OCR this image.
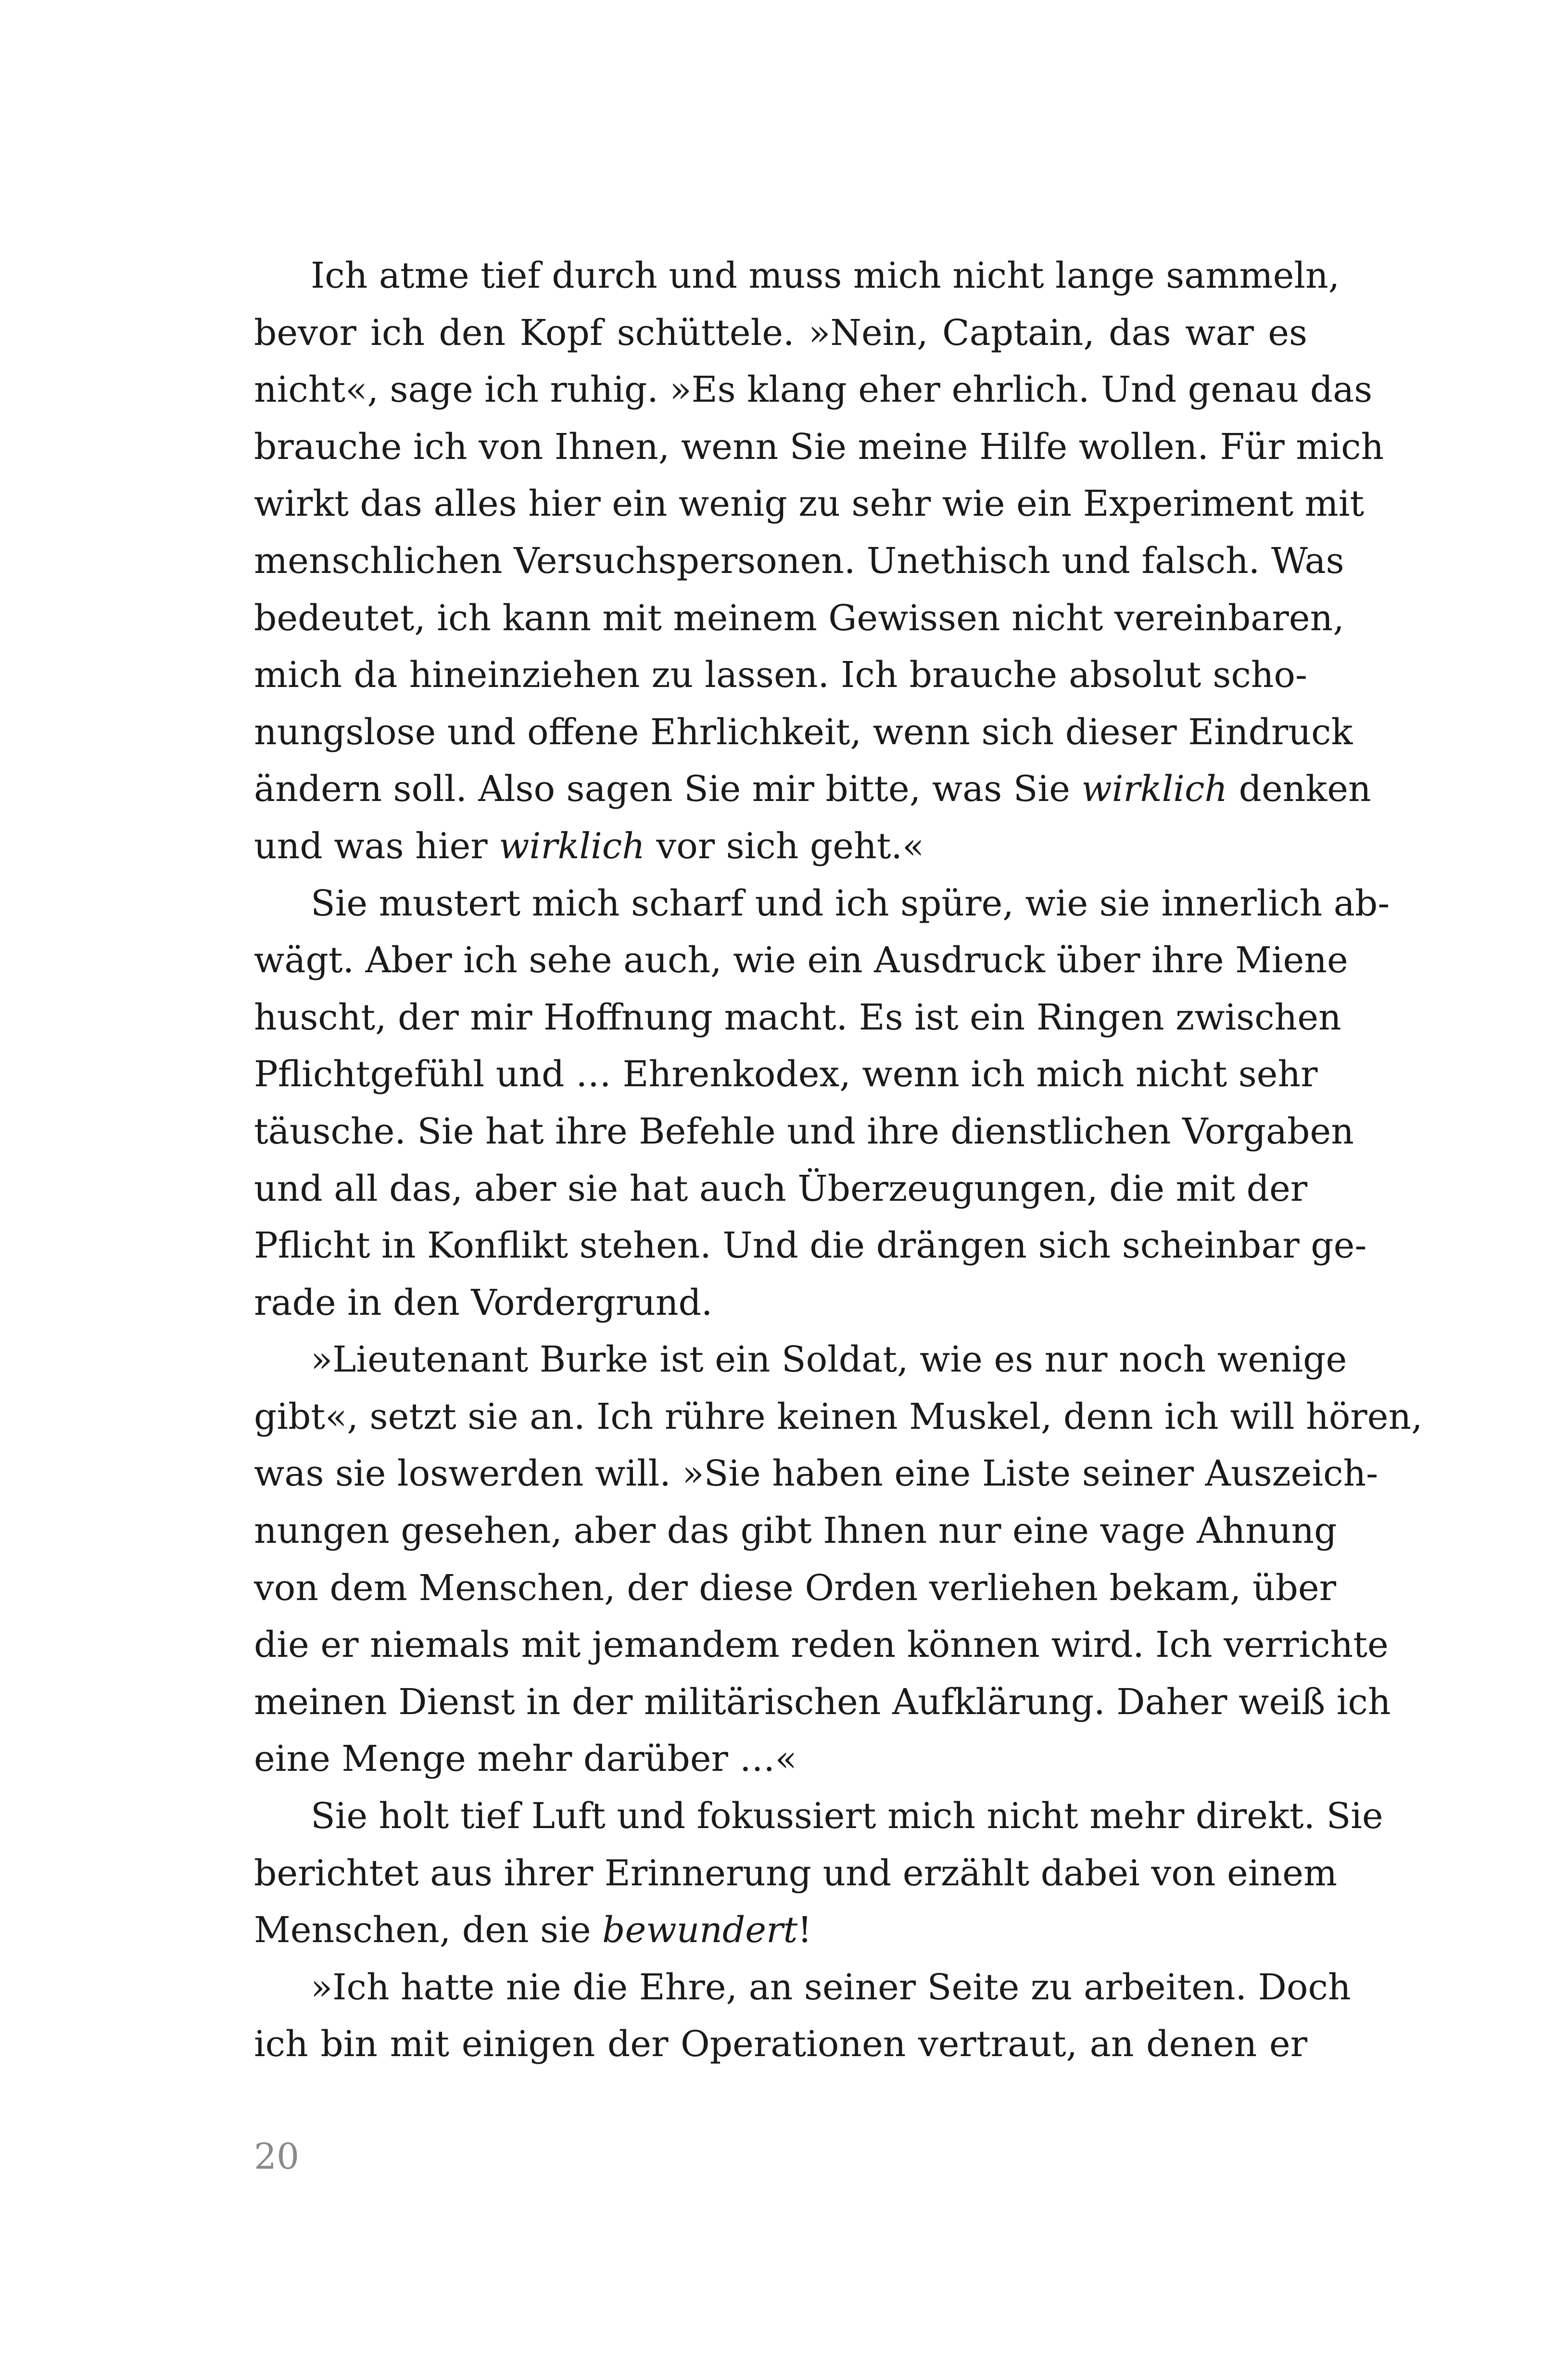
Ich atme tief durch und muss mich nicht lange sammeln,
bevor ich den Kopf schüttele. »Nein, Captain, das war es
nicht«, sage ich ruhig. »Es klang eher ehrlich. Und genau das
brauche ich von Ihnen, wenn Sie meine Hilfe wollen. Für mich
wirkt das alles hier ein wenig zu sehr wie ein Experiment mit
menschlichen Versuchspersonen. Unethisch und falsch. Was
bedeutet, ich kann mit meinem Gewissen nicht vereinbaren,
mich da hineinziehen zu lassen. Ich brauche absolut scho-
nungslose und offene Ehrlichkeit, wenn sich dieser Eindruck
ändern soll. Also sagen Sie mir bitte, was Sie wirklich denken
und was hier wirklich vor sich geht.«
Sie mustert mich scharf und ich spüre, wie sie innerlich ab-
wägt. Aber ich sehe auch, wie ein Ausdruck über ihre Miene
huscht, der mir Hoffnung macht. Es ist ein Ringen zwischen
Pflichtgefühl und … Ehrenkodex, wenn ich mich nicht sehr
täusche. Sie hat ihre Befehle und ihre dienstlichen Vorgaben
und all das, aber sie hat auch Überzeugungen, die mit der
Pflicht in Konflikt stehen. Und die drängen sich scheinbar ge-
rade in den Vordergrund.
»Lieutenant Burke ist ein Soldat, wie es nur noch wenige
gibt«, setzt sie an. Ich rühre keinen Muskel, denn ich will hören,
was sie loswerden will. »Sie haben eine Liste seiner Auszeich-
nungen gesehen, aber das gibt Ihnen nur eine vage Ahnung
von dem Menschen, der diese Orden verliehen bekam, über
die er niemals mit jemandem reden können wird. Ich verrichte
meinen Dienst in der militärischen Aufklärung. Daher weiß ich
eine Menge mehr darüber …«
Sie holt tief Luft und fokussiert mich nicht mehr direkt. Sie
berichtet aus ihrer Erinnerung und erzählt dabei von einem
Menschen, den sie bewundert!
»Ich hatte nie die Ehre, an seiner Seite zu arbeiten. Doch
ich bin mit einigen der Operationen vertraut, an denen er
20
